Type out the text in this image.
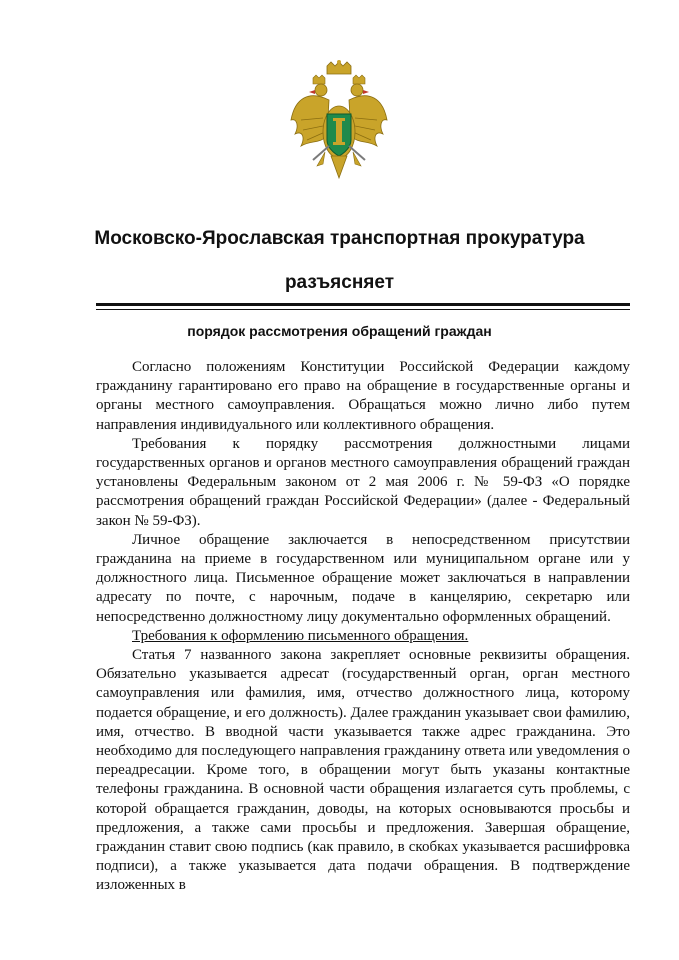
Московско-Ярославская транспортная прокуратура
разъясняет
порядок рассмотрения обращений граждан

Согласно положениям Конституции Российской Федерации каждому гражданину гарантировано его право на обращение в государственные органы и органы местного самоуправления. Обращаться можно лично либо путем направления индивидуального или коллективного обращения.

Требования к порядку рассмотрения должностными лицами государственных органов и органов местного самоуправления обращений граждан установлены Федеральным законом от 2 мая 2006 г. № 59-ФЗ «О порядке рассмотрения обращений граждан Российской Федерации» (далее - Федеральный закон № 59-ФЗ).

Личное обращение заключается в непосредственном присутствии гражданина на приеме в государственном или муниципальном органе или у должностного лица. Письменное обращение может заключаться в направлении адресату по почте, с нарочным, подаче в канцелярию, секретарю или непосредственно должностному лицу документально оформленных обращений.

Требования к оформлению письменного обращения.

Статья 7 названного закона закрепляет основные реквизиты обращения. Обязательно указывается адресат (государственный орган, орган местного самоуправления или фамилия, имя, отчество должностного лица, которому подается обращение, и его должность). Далее гражданин указывает свои фамилию, имя, отчество. В вводной части указывается также адрес гражданина. Это необходимо для последующего направления гражданину ответа или уведомления о переадресации. Кроме того, в обращении могут быть указаны контактные телефоны гражданина. В основной части обращения излагается суть проблемы, с которой обращается гражданин, доводы, на которых основываются просьбы и предложения, а также сами просьбы и предложения. Завершая обращение, гражданин ставит свою подпись (как правило, в скобках указывается расшифровка подписи), а также указывается дата подачи обращения. В подтверждение изложенных в
